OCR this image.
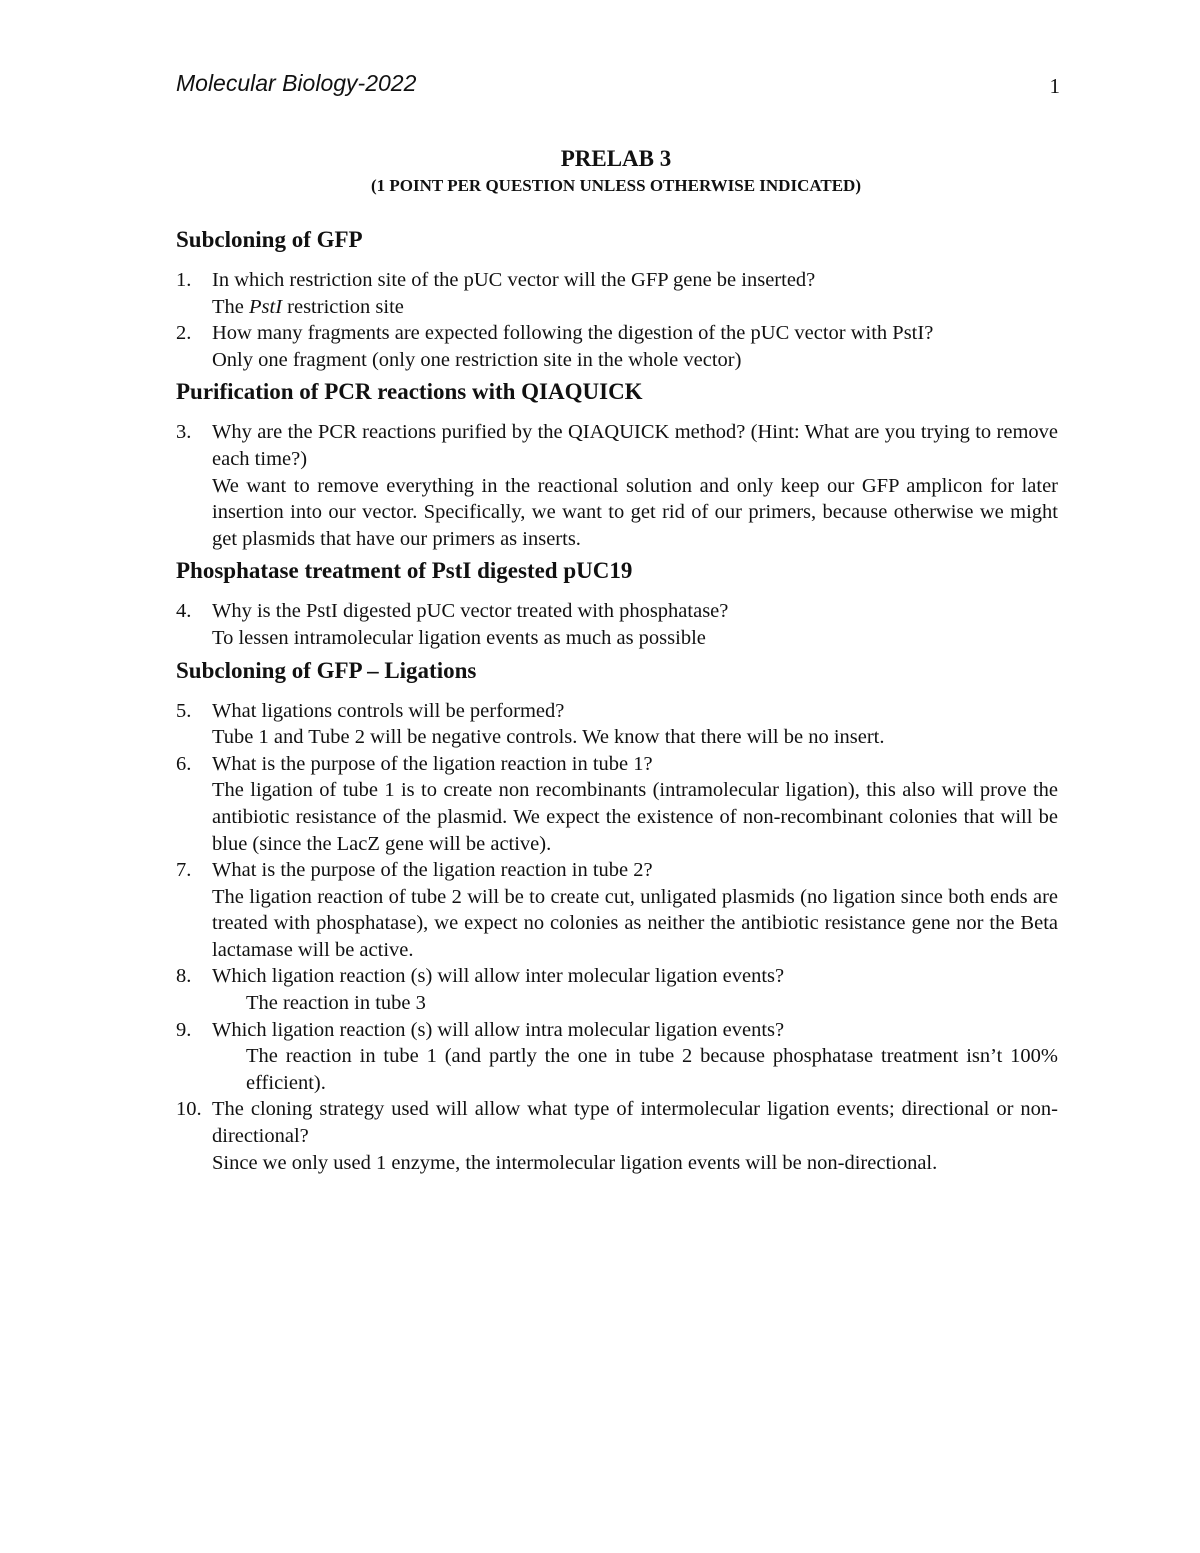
Molecular Biology-2022	1
PRELAB 3
(1 POINT PER QUESTION UNLESS OTHERWISE INDICATED)
Subcloning of GFP
1.	In which restriction site of the pUC vector will the GFP gene be inserted?
The PstI restriction site
2.	How many fragments are expected following the digestion of the pUC vector with PstI?
Only one fragment (only one restriction site in the whole vector)
Purification of PCR reactions with QIAQUICK
3.	Why are the PCR reactions purified by the QIAQUICK method? (Hint: What are you trying to remove each time?)
We want to remove everything in the reactional solution and only keep our GFP amplicon for later insertion into our vector. Specifically, we want to get rid of our primers, because otherwise we might get plasmids that have our primers as inserts.
Phosphatase treatment of PstI digested pUC19
4.	Why is the PstI digested pUC vector treated with phosphatase?
To lessen intramolecular ligation events as much as possible
Subcloning of GFP – Ligations
5.	What ligations controls will be performed?
Tube 1 and Tube 2 will be negative controls. We know that there will be no insert.
6.	What is the purpose of the ligation reaction in tube 1?
The ligation of tube 1 is to create non recombinants (intramolecular ligation), this also will prove the antibiotic resistance of the plasmid. We expect the existence of non-recombinant colonies that will be blue (since the LacZ gene will be active).
7.	What is the purpose of the ligation reaction in tube 2?
The ligation reaction of tube 2 will be to create cut, unligated plasmids (no ligation since both ends are treated with phosphatase), we expect no colonies as neither the antibiotic resistance gene nor the Beta lactamase will be active.
8.	Which ligation reaction (s) will allow inter molecular ligation events?
The reaction in tube 3
9.	Which ligation reaction (s) will allow intra molecular ligation events?
The reaction in tube 1 (and partly the one in tube 2 because phosphatase treatment isn’t 100% efficient).
10. The cloning strategy used will allow what type of intermolecular ligation events; directional or non-directional?
Since we only used 1 enzyme, the intermolecular ligation events will be non-directional.
